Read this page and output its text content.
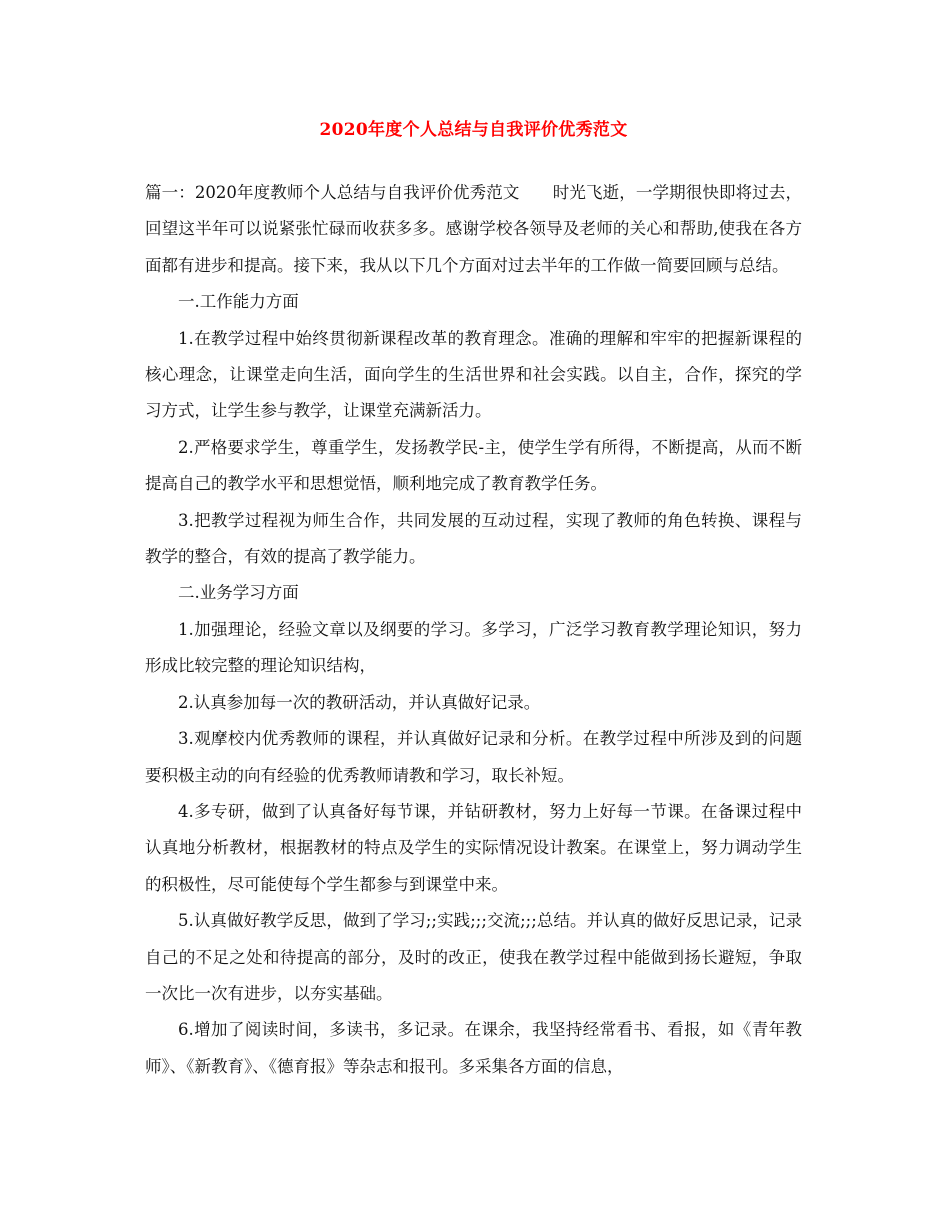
2020年度个人总结与自我评价优秀范文

篇一：2020年度教师个人总结与自我评价优秀范文　　时光飞逝，一学期很快即将过去，回望这半年可以说紧张忙碌而收获多多。感谢学校各领导及老师的关心和帮助,使我在各方面都有进步和提高。接下来，我从以下几个方面对过去半年的工作做一简要回顾与总结。

一.工作能力方面

1.在教学过程中始终贯彻新课程改革的教育理念。准确的理解和牢牢的把握新课程的核心理念，让课堂走向生活，面向学生的生活世界和社会实践。以自主，合作，探究的学习方式，让学生参与教学，让课堂充满新活力。

2.严格要求学生，尊重学生，发扬教学民-主，使学生学有所得，不断提高，从而不断提高自己的教学水平和思想觉悟，顺利地完成了教育教学任务。

3.把教学过程视为师生合作，共同发展的互动过程，实现了教师的角色转换、课程与教学的整合，有效的提高了教学能力。

二.业务学习方面

1.加强理论，经验文章以及纲要的学习。多学习，广泛学习教育教学理论知识，努力形成比较完整的理论知识结构，

2.认真参加每一次的教研活动，并认真做好记录。

3.观摩校内优秀教师的课程，并认真做好记录和分析。在教学过程中所涉及到的问题要积极主动的向有经验的优秀教师请教和学习，取长补短。

4.多专研，做到了认真备好每节课，并钻研教材，努力上好每一节课。在备课过程中认真地分析教材，根据教材的特点及学生的实际情况设计教案。在课堂上，努力调动学生的积极性，尽可能使每个学生都参与到课堂中来。

5.认真做好教学反思，做到了学习;;实践;;;交流;;;总结。并认真的做好反思记录，记录自己的不足之处和待提高的部分，及时的改正，使我在教学过程中能做到扬长避短，争取一次比一次有进步，以夯实基础。

6.增加了阅读时间，多读书，多记录。在课余，我坚持经常看书、看报，如《青年教师》、《新教育》、《德育报》等杂志和报刊。多采集各方面的信息，
